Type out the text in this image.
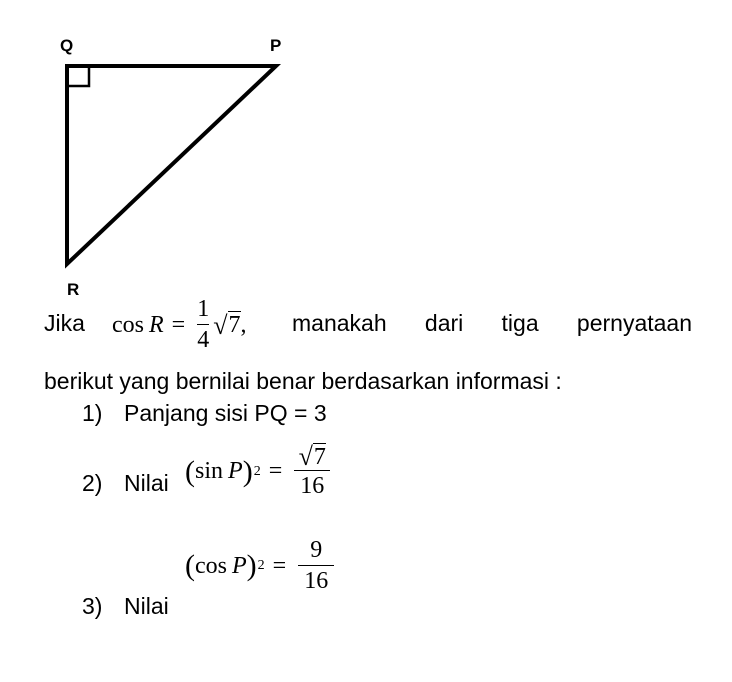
Q	P
R
Jika $\cos R = \frac{1}{4}$ √ 7 , manakah dari tiga pernyataan
berikut yang bernilai benar berdasarkan informasi :
1) Panjang sisi PQ = 3
2) Nilai ( sin P ) $2 = \frac{√ 7}{16}$
3) Nilai
( cos P ) $2 = \frac{9}{16}$
